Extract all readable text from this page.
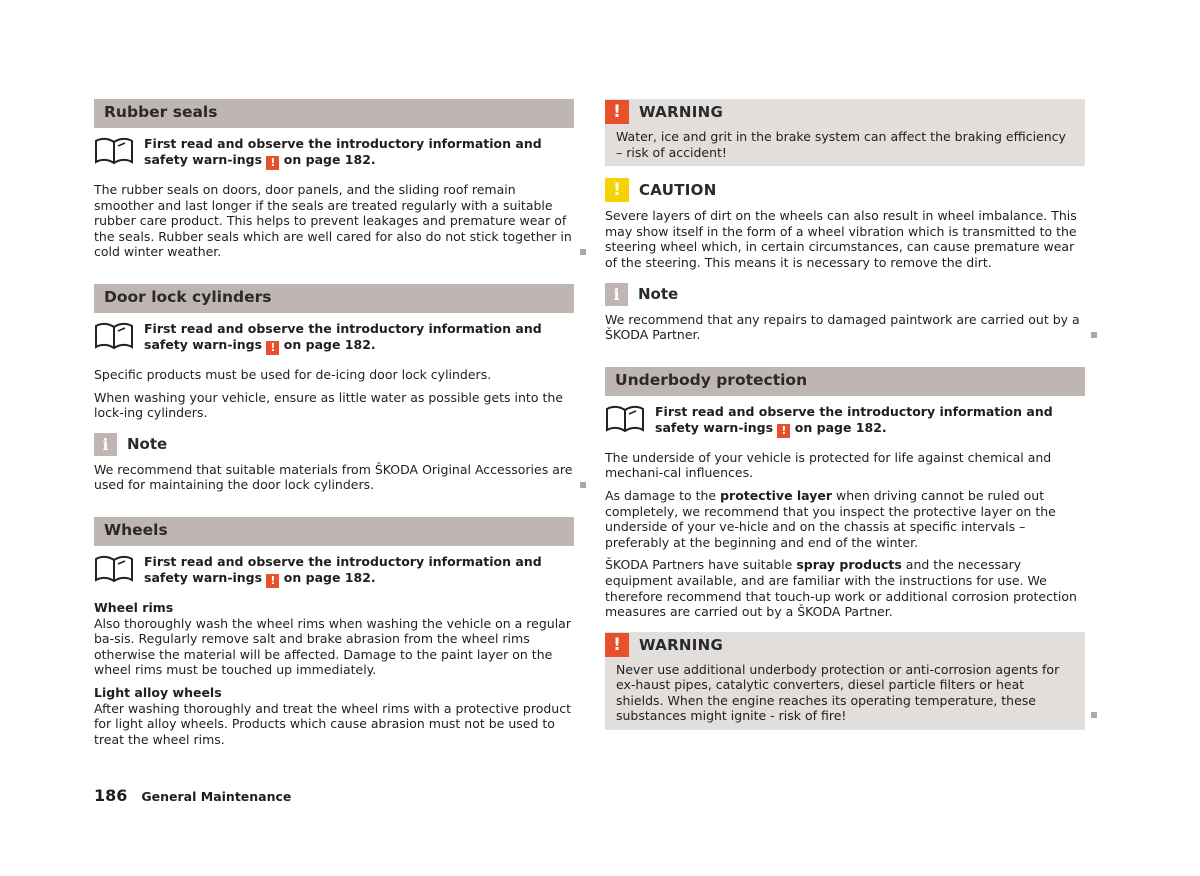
Rubber seals
First read and observe the introductory information and safety warn-ings ! on page 182.

The rubber seals on doors, door panels, and the sliding roof remain smoother and last longer if the seals are treated regularly with a suitable rubber care product. This helps to prevent leakages and premature wear of the seals. Rubber seals which are well cared for also do not stick together in cold winter weather.

Door lock cylinders
First read and observe the introductory information and safety warn-ings ! on page 182.

Specific products must be used for de-icing door lock cylinders.

When washing your vehicle, ensure as little water as possible gets into the lock-ing cylinders.

i	Note

We recommend that suitable materials from ŠKODA Original Accessories are used for maintaining the door lock cylinders.

Wheels
First read and observe the introductory information and safety warn-ings ! on page 182.
Wheel rims

Also thoroughly wash the wheel rims when washing the vehicle on a regular ba-sis. Regularly remove salt and brake abrasion from the wheel rims otherwise the material will be affected. Damage to the paint layer on the wheel rims must be touched up immediately.

Light alloy wheels

After washing thoroughly and treat the wheel rims with a protective product for light alloy wheels. Products which cause abrasion must not be used to treat the wheel rims.

!	WARNING
Water, ice and grit in the brake system can affect the braking efficiency – risk of accident!
!	CAUTION

Severe layers of dirt on the wheels can also result in wheel imbalance. This may show itself in the form of a wheel vibration which is transmitted to the steering wheel which, in certain circumstances, can cause premature wear of the steering. This means it is necessary to remove the dirt.

i	Note

We recommend that any repairs to damaged paintwork are carried out by a ŠKODA Partner.

Underbody protection
First read and observe the introductory information and safety warn-ings ! on page 182.

The underside of your vehicle is protected for life against chemical and mechani-cal influences.

As damage to the protective layer when driving cannot be ruled out completely, we recommend that you inspect the protective layer on the underside of your ve-hicle and on the chassis at specific intervals – preferably at the beginning and end of the winter.

ŠKODA Partners have suitable spray products and the necessary equipment available, and are familiar with the instructions for use. We therefore recommend that touch-up work or additional corrosion protection measures are carried out by a ŠKODA Partner.

!	WARNING
Never use additional underbody protection or anti-corrosion agents for ex-haust pipes, catalytic converters, diesel particle filters or heat shields. When the engine reaches its operating temperature, these substances might ignite - risk of fire!
186 General Maintenance
